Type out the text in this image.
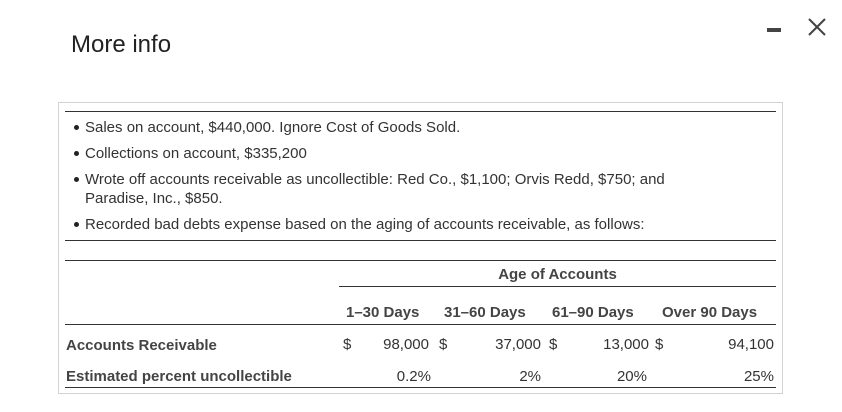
More info
Sales on account, $440,000. Ignore Cost of Goods Sold.
Collections on account, $335,200
Wrote off accounts receivable as uncollectible: Red Co., $1,100; Orvis Redd, $750; and Paradise, Inc., $850.
Recorded bad debts expense based on the aging of accounts receivable, as follows:
Age of Accounts
1–30 Days 31–60 Days 61–90 Days Over 90 Days
Accounts Receivable	$	98,000 $	37,000 $	13,000 $	94,100
Estimated percent uncollectible	0.2%	2%	20%	25%
